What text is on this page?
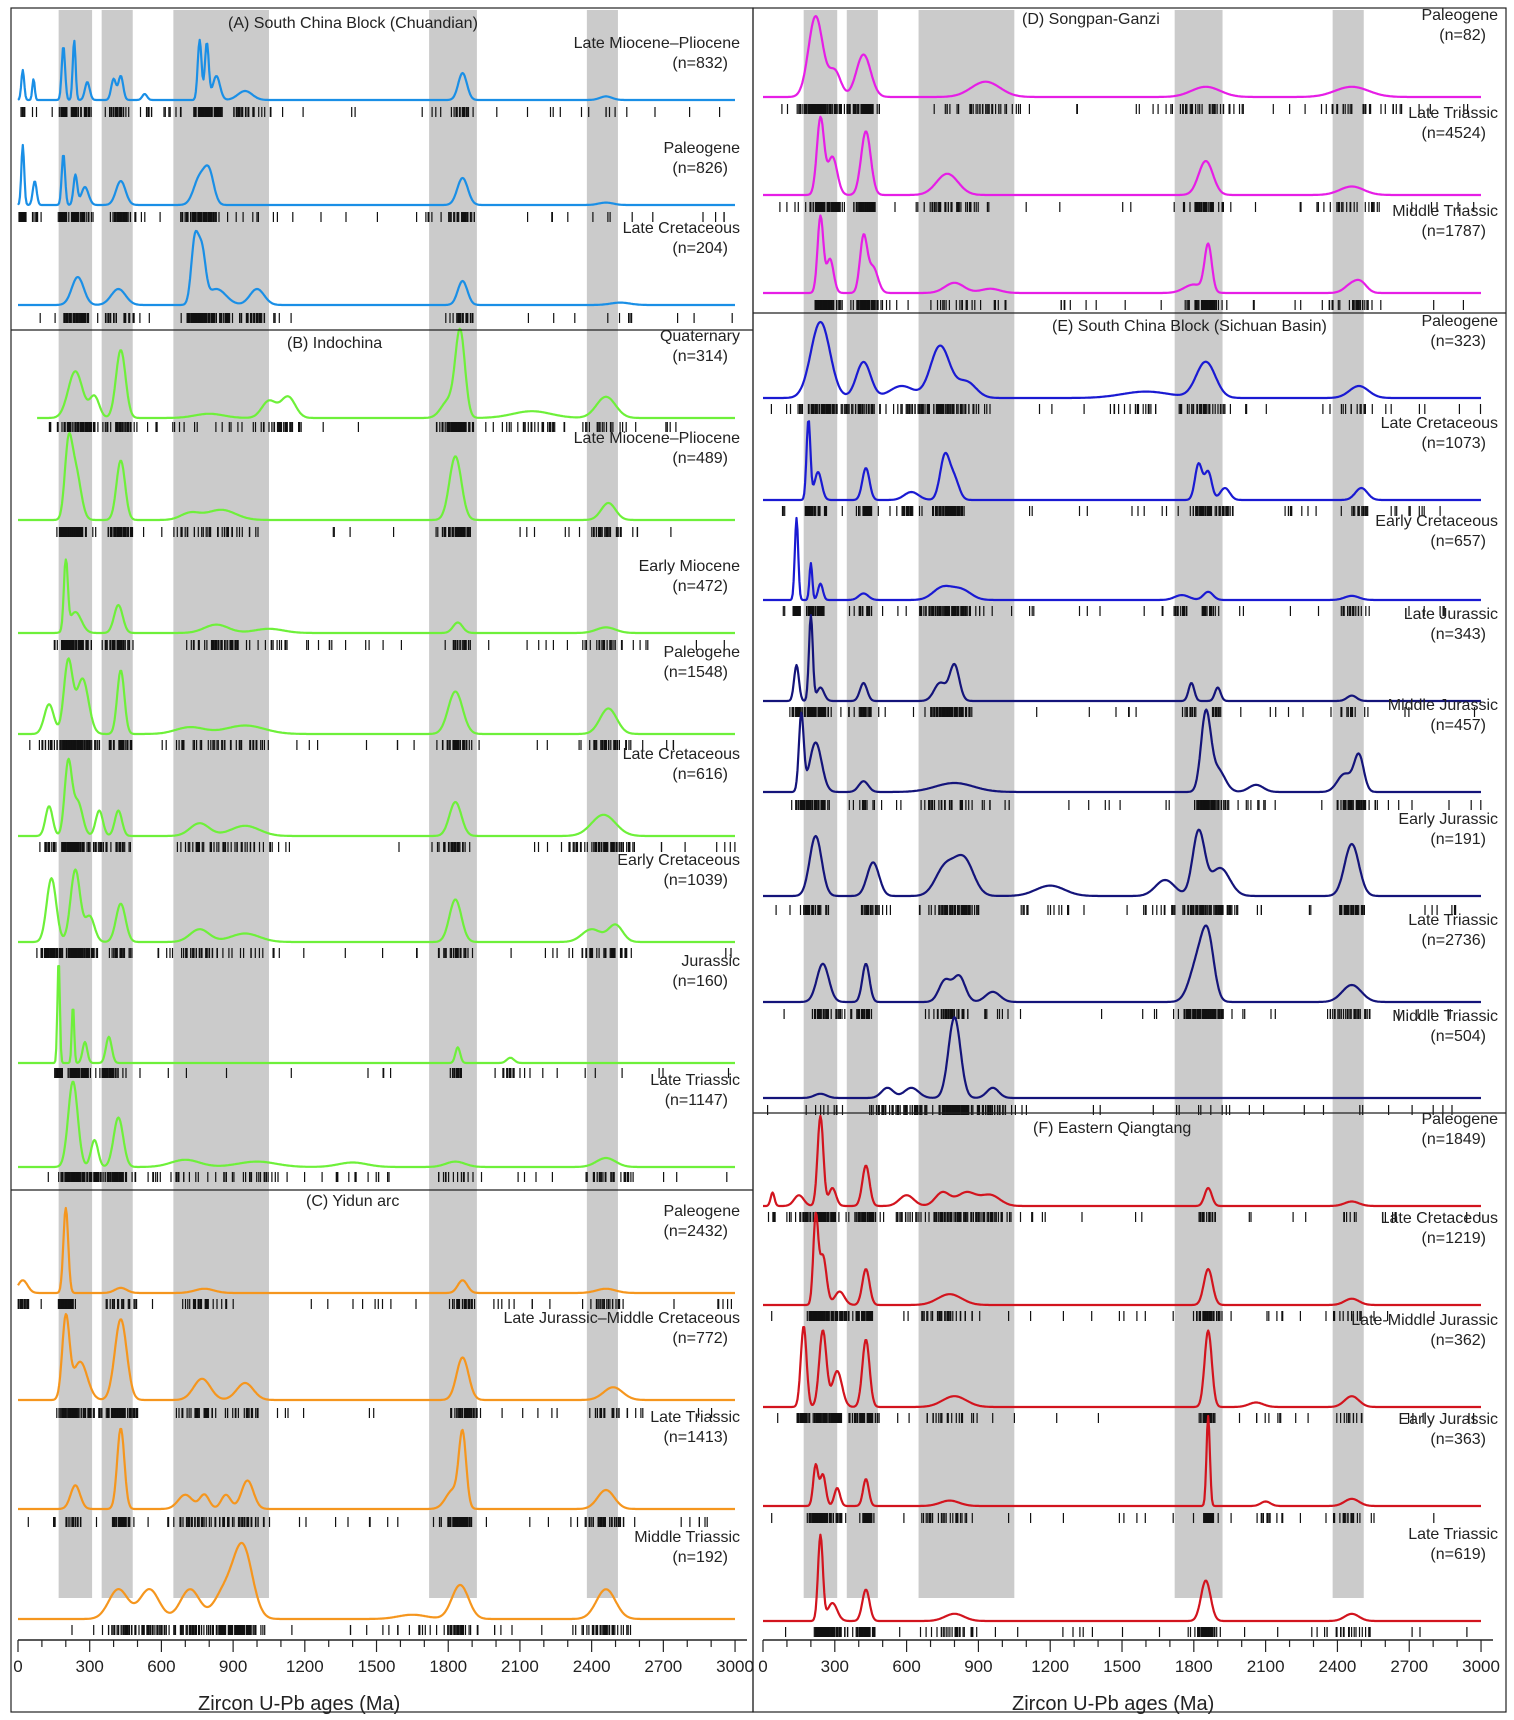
0	300	600	900 1200 1500 1800 2100 2400 2700 3000 0	300	600	900 1200 1500 1800 2100 2400 2700 3000
(A) South China Block (Chuandian)
(B) Indochina
(C) Yidun arc
(D) Songpan-Ganzi
(E) South China Block (Sichuan Basin)
(F) Eastern Qiangtang
Zircon U-Pb ages (Ma)	Zircon U-Pb ages (Ma)
Late Miocene–Pliocene
(n=832)
Paleogene
(n=826)
Late Cretaceous
(n=204)
Quaternary
(n=314)
Late Miocene–Pliocene
(n=489)
Early Miocene
(n=472)
Paleogene
(n=1548)
Late Cretaceous
(n=616)
Early Cretaceous
(n=1039)
Jurassic
(n=160)
Late Triassic
(n=1147)
Paleogene
(n=2432)
Late Jurassic–Middle Cretaceous
(n=772)
Late Triassic
(n=1413)
Middle Triassic
(n=192)
Paleogene
(n=82)
Late Triassic
(n=4524)
Middle Triassic
(n=1787)
Paleogene
(n=323)
Late Cretaceous
(n=1073)
Early Cretaceous
(n=657)
Late Jurassic
(n=343)
Middle Jurassic
(n=457)
Early Jurassic
(n=191)
Late Triassic
(n=2736)
Middle Triassic
(n=504)
Paleogene
(n=1849)
Late Cretaceous
(n=1219)
Late-Middle Jurassic
(n=362)
Early Jurassic
(n=363)
Late Triassic
(n=619)
